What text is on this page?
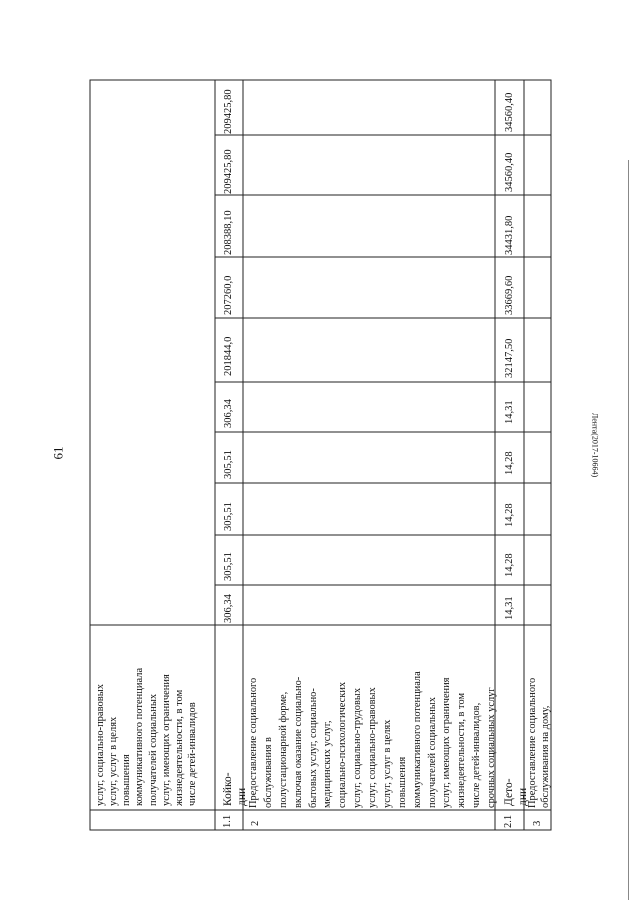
61	Лента(2017-10664)
услуг, социально-правовых
услуг, услуг в целях
повышения
коммуникативного потенциала
получателей социальных
услуг, имеющих ограничения
жизнедеятельности, в том
числе детей-инвалидов
1.1
Койко-дни
306,34
305,51
305,51
305,51
306,34
201844,0
207260,0
208388,10
209425,80
209425,80
2
Предоставление социального
обслуживания в
полустационарной форме,
включая оказание социально-
бытовых услуг, социально-
медицинских услуг,
социально-психологических
услуг, социально-трудовых
услуг, социально-правовых
услуг, услуг в целях
повышения
коммуникативного потенциала
получателей социальных
услуг, имеющих ограничения
жизнедеятельности, в том
числе детей-инвалидов,
срочных социальных услуг
2.1
Дето-дни
14,31
14,28
14,28
14,28
14,31
32147,50
33669,60
34431,80
34560,40
34560,40
3
Предоставление социального
обслуживания на дому,
